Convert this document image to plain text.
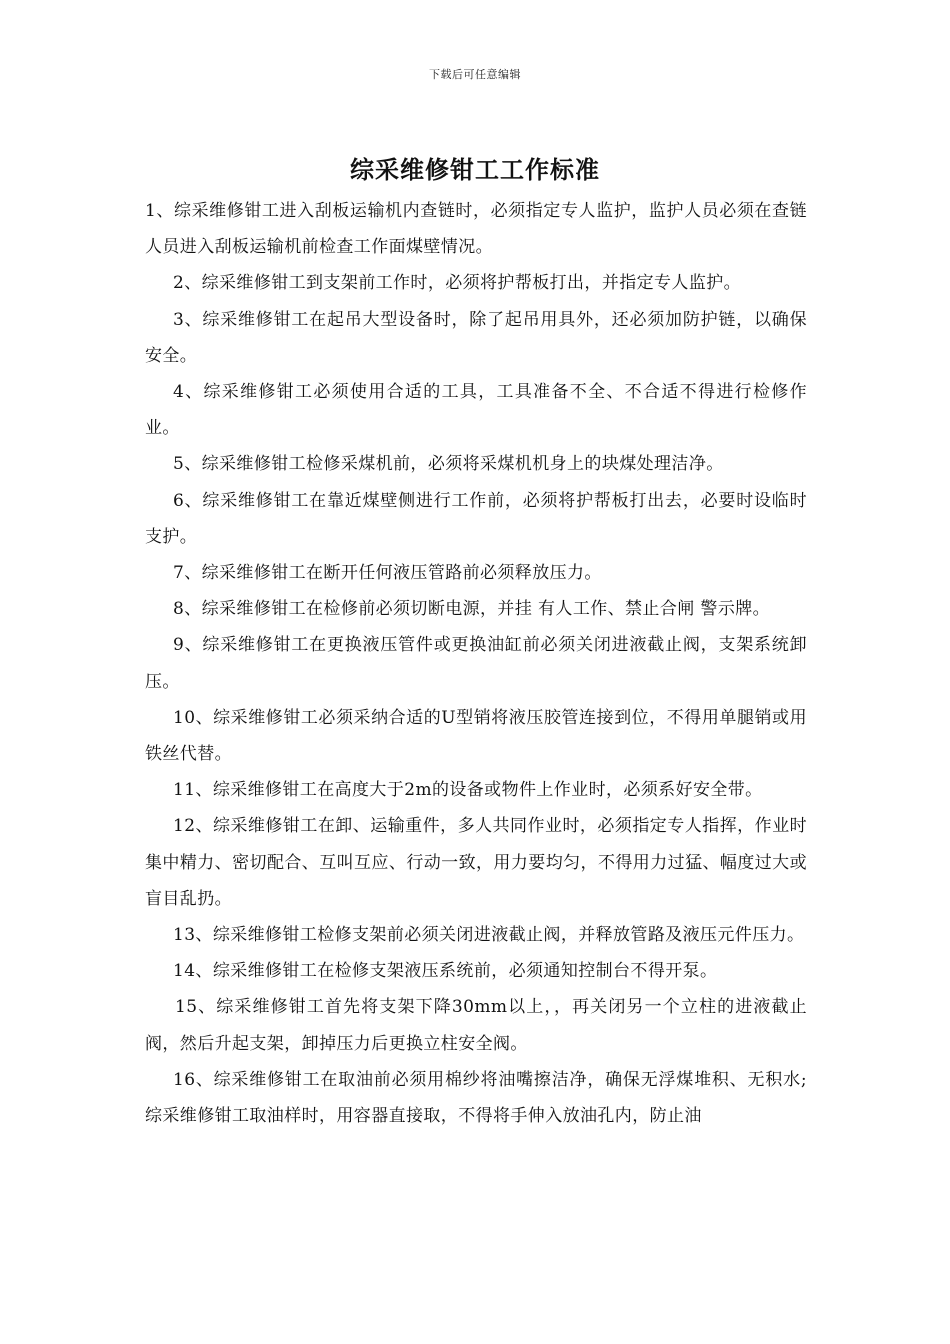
下载后可任意编辑
综采维修钳工工作标准

1、综采维修钳工进入刮板运输机内查链时，必须指定专人监护，监护人员必须在查链人员进入刮板运输机前检查工作面煤壁情况。

2、综采维修钳工到支架前工作时，必须将护帮板打出，并指定专人监护。

3、综采维修钳工在起吊大型设备时，除了起吊用具外，还必须加防护链，以确保安全。

4、综采维修钳工必须使用合适的工具，工具准备不全、不合适不得进行检修作业。

5、综采维修钳工检修采煤机前，必须将采煤机机身上的块煤处理洁净。

6、综采维修钳工在靠近煤壁侧进行工作前，必须将护帮板打出去，必要时设临时支护。

7、综采维修钳工在断开任何液压管路前必须释放压力。

8、综采维修钳工在检修前必须切断电源，并挂 有人工作、禁止合闸 警示牌。

9、综采维修钳工在更换液压管件或更换油缸前必须关闭进液截止阀，支架系统卸压。

10、综采维修钳工必须采纳合适的U型销将液压胶管连接到位，不得用单腿销或用铁丝代替。

11、综采维修钳工在高度大于2m的设备或物件上作业时，必须系好安全带。

12、综采维修钳工在卸、运输重件，多人共同作业时，必须指定专人指挥，作业时集中精力、密切配合、互叫互应、行动一致，用力要均匀，不得用力过猛、幅度过大或盲目乱扔。

13、综采维修钳工检修支架前必须关闭进液截止阀，并释放管路及液压元件压力。

14、综采维修钳工在检修支架液压系统前，必须通知控制台不得开泵。

15、综采维修钳工首先将支架下降30mm以上，，再关闭另一个立柱的进液截止阀，然后升起支架，卸掉压力后更换立柱安全阀。

16、综采维修钳工在取油前必须用棉纱将油嘴擦洁净，确保无浮煤堆积、无积水;综采维修钳工取油样时，用容器直接取，不得将手伸入放油孔内，防止油
